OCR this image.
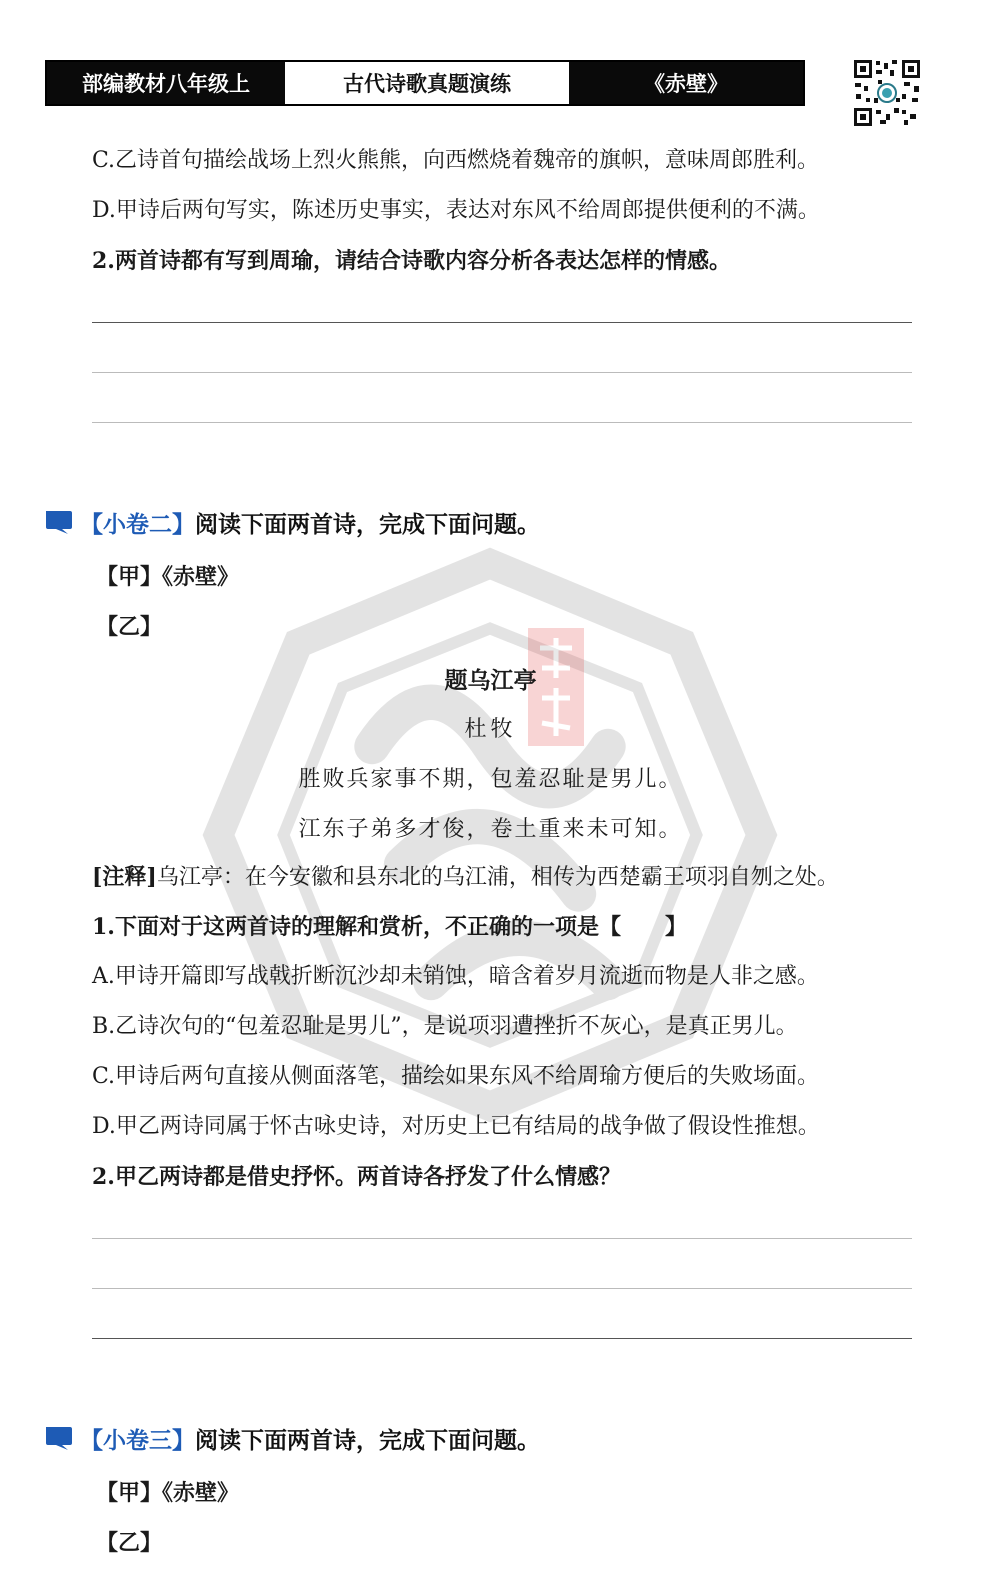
部编教材八年级上	古代诗歌真题演练	《赤壁》
C.乙诗首句描绘战场上烈火熊熊，向西燃烧着魏帝的旗帜，意味周郎胜利。
D.甲诗后两句写实，陈述历史事实，表达对东风不给周郎提供便利的不满。
2.两首诗都有写到周瑜，请结合诗歌内容分析各表达怎样的情感。
【小卷二】 阅读下面两首诗，完成下面问题。
【甲】《赤壁》
【乙】
题乌江亭
杜牧
胜败兵家事不期，包羞忍耻是男儿。
江东子弟多才俊，卷土重来未可知。
[注释]乌江亭：在今安徽和县东北的乌江浦，相传为西楚霸王项羽自刎之处。
1.下面对于这两首诗的理解和赏析，不正确的一项是【　　】
A.甲诗开篇即写战戟折断沉沙却未销蚀，暗含着岁月流逝而物是人非之感。
B.乙诗次句的“包羞忍耻是男儿”，是说项羽遭挫折不灰心，是真正男儿。
C.甲诗后两句直接从侧面落笔，描绘如果东风不给周瑜方便后的失败场面。
D.甲乙两诗同属于怀古咏史诗，对历史上已有结局的战争做了假设性推想。
2.甲乙两诗都是借史抒怀。两首诗各抒发了什么情感？
【小卷三】 阅读下面两首诗，完成下面问题。
【甲】《赤壁》
【乙】
